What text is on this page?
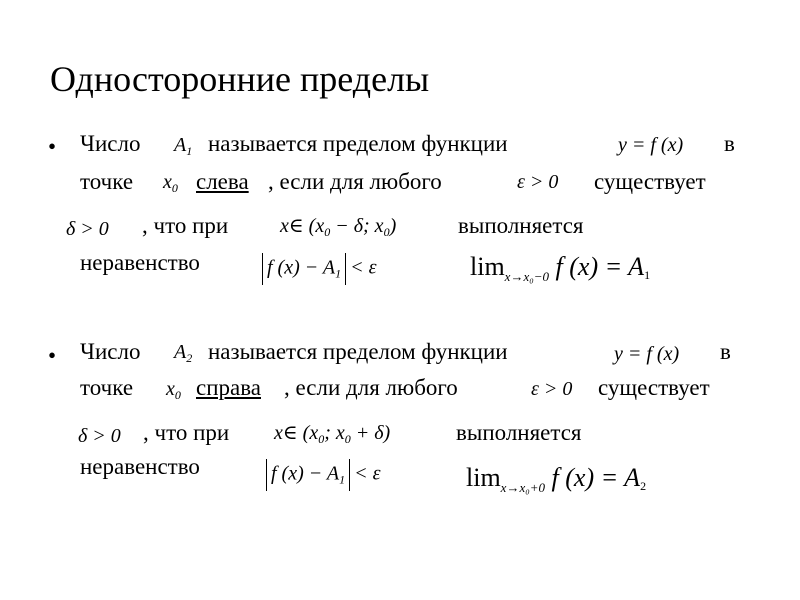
Односторонние пределы
• Число $A_1$ называется пределом функции	y = f (x) в
точке $x_0$ слева , если для любого	ε > 0 существует
δ > 0 , что при	x∈ ($x_0 - \delta$; $x_0$)	выполняется
неравенство	f $(x) - A_1 < \varepsilon$	$\lim_{x\to x_0-0} f$ $(x) = A_1$
• Число $A_2$ называется пределом функции	y = f (x) в
точке $x_0$ справа , если для любого	ε > 0 существует
δ > 0 , что при x∈ ($x_0$; $x_0 + \delta$)	выполняется
неравенство	f $(x) - A_1 < \varepsilon$	$\lim_{x\to x_0+0} f$ $(x) = A_2$
